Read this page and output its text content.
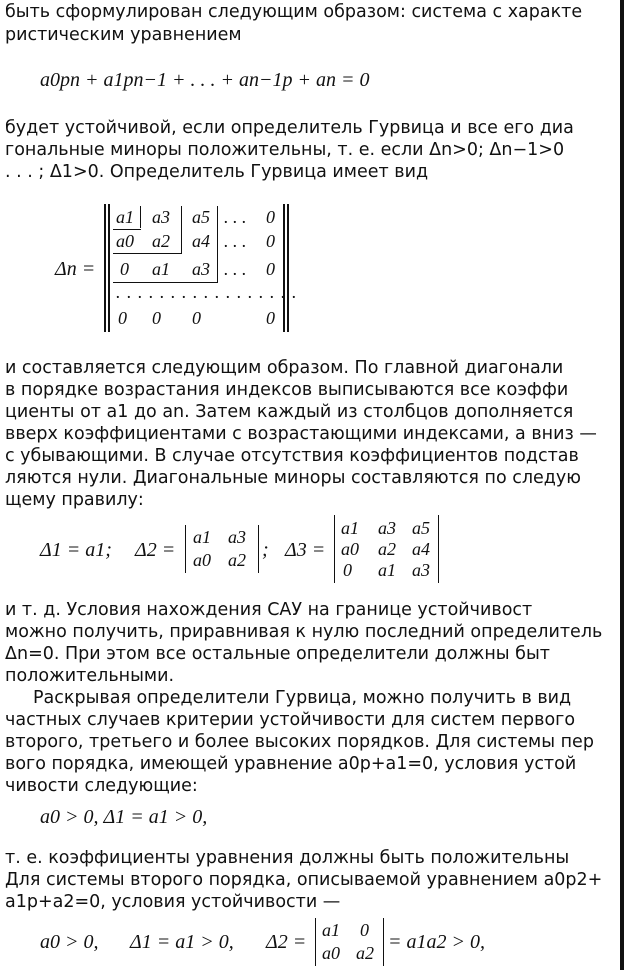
быть сформулирован следующим образом: система с характе
ристическим уравнением
a0pn + a1pn−1 + . . . + an−1p + an = 0
будет устойчивой, если определитель Гурвица и все его диа
гональные миноры положительны, т. е. если Δn>0; Δn−1>0
. . . ; Δ1>0. Определитель Гурвица имеет вид
Δn =
a1 a3 a5 . . . 0
a0 a2 a4 . . . 0
0 a1 a3 . . . 0
. . . . . . . . . . . . . . . . .
0 0 0	0
и составляется следующим образом. По главной диагонали
в порядке возрастания индексов выписываются все коэффи
циенты от a1 до an. Затем каждый из столбцов дополняется
вверх коэффициентами с возрастающими индексами, а вниз —
с убывающими. В случае отсутствия коэффициентов подстав
ляются нули. Диагональные миноры составляются по следую
щему правилу:
Δ1 = a1; Δ2 =
a1 a3
a0 a2 ; Δ3 =
a1 a3 a5
a0 a2 a4
0 a1 a3
и т. д. Условия нахождения САУ на границе устойчивост
можно получить, приравнивая к нулю последний определитель
Δn=0. При этом все остальные определители должны быт
положительными.
Раскрывая определители Гурвица, можно получить в вид
частных случаев критерии устойчивости для систем первого
второго, третьего и более высоких порядков. Для системы пер
вого порядка, имеющей уравнение a0p+a1=0, условия устой
чивости следующие:
a0 > 0, Δ1 = a1 > 0,
т. е. коэффициенты уравнения должны быть положительны
Для системы второго порядка, описываемой уравнением a0p2+
a1p+a2=0, условия устойчивости —
a0 > 0, Δ1 = a1 > 0, Δ2 =
a1 0
a0 a2 = a1a2 > 0,
